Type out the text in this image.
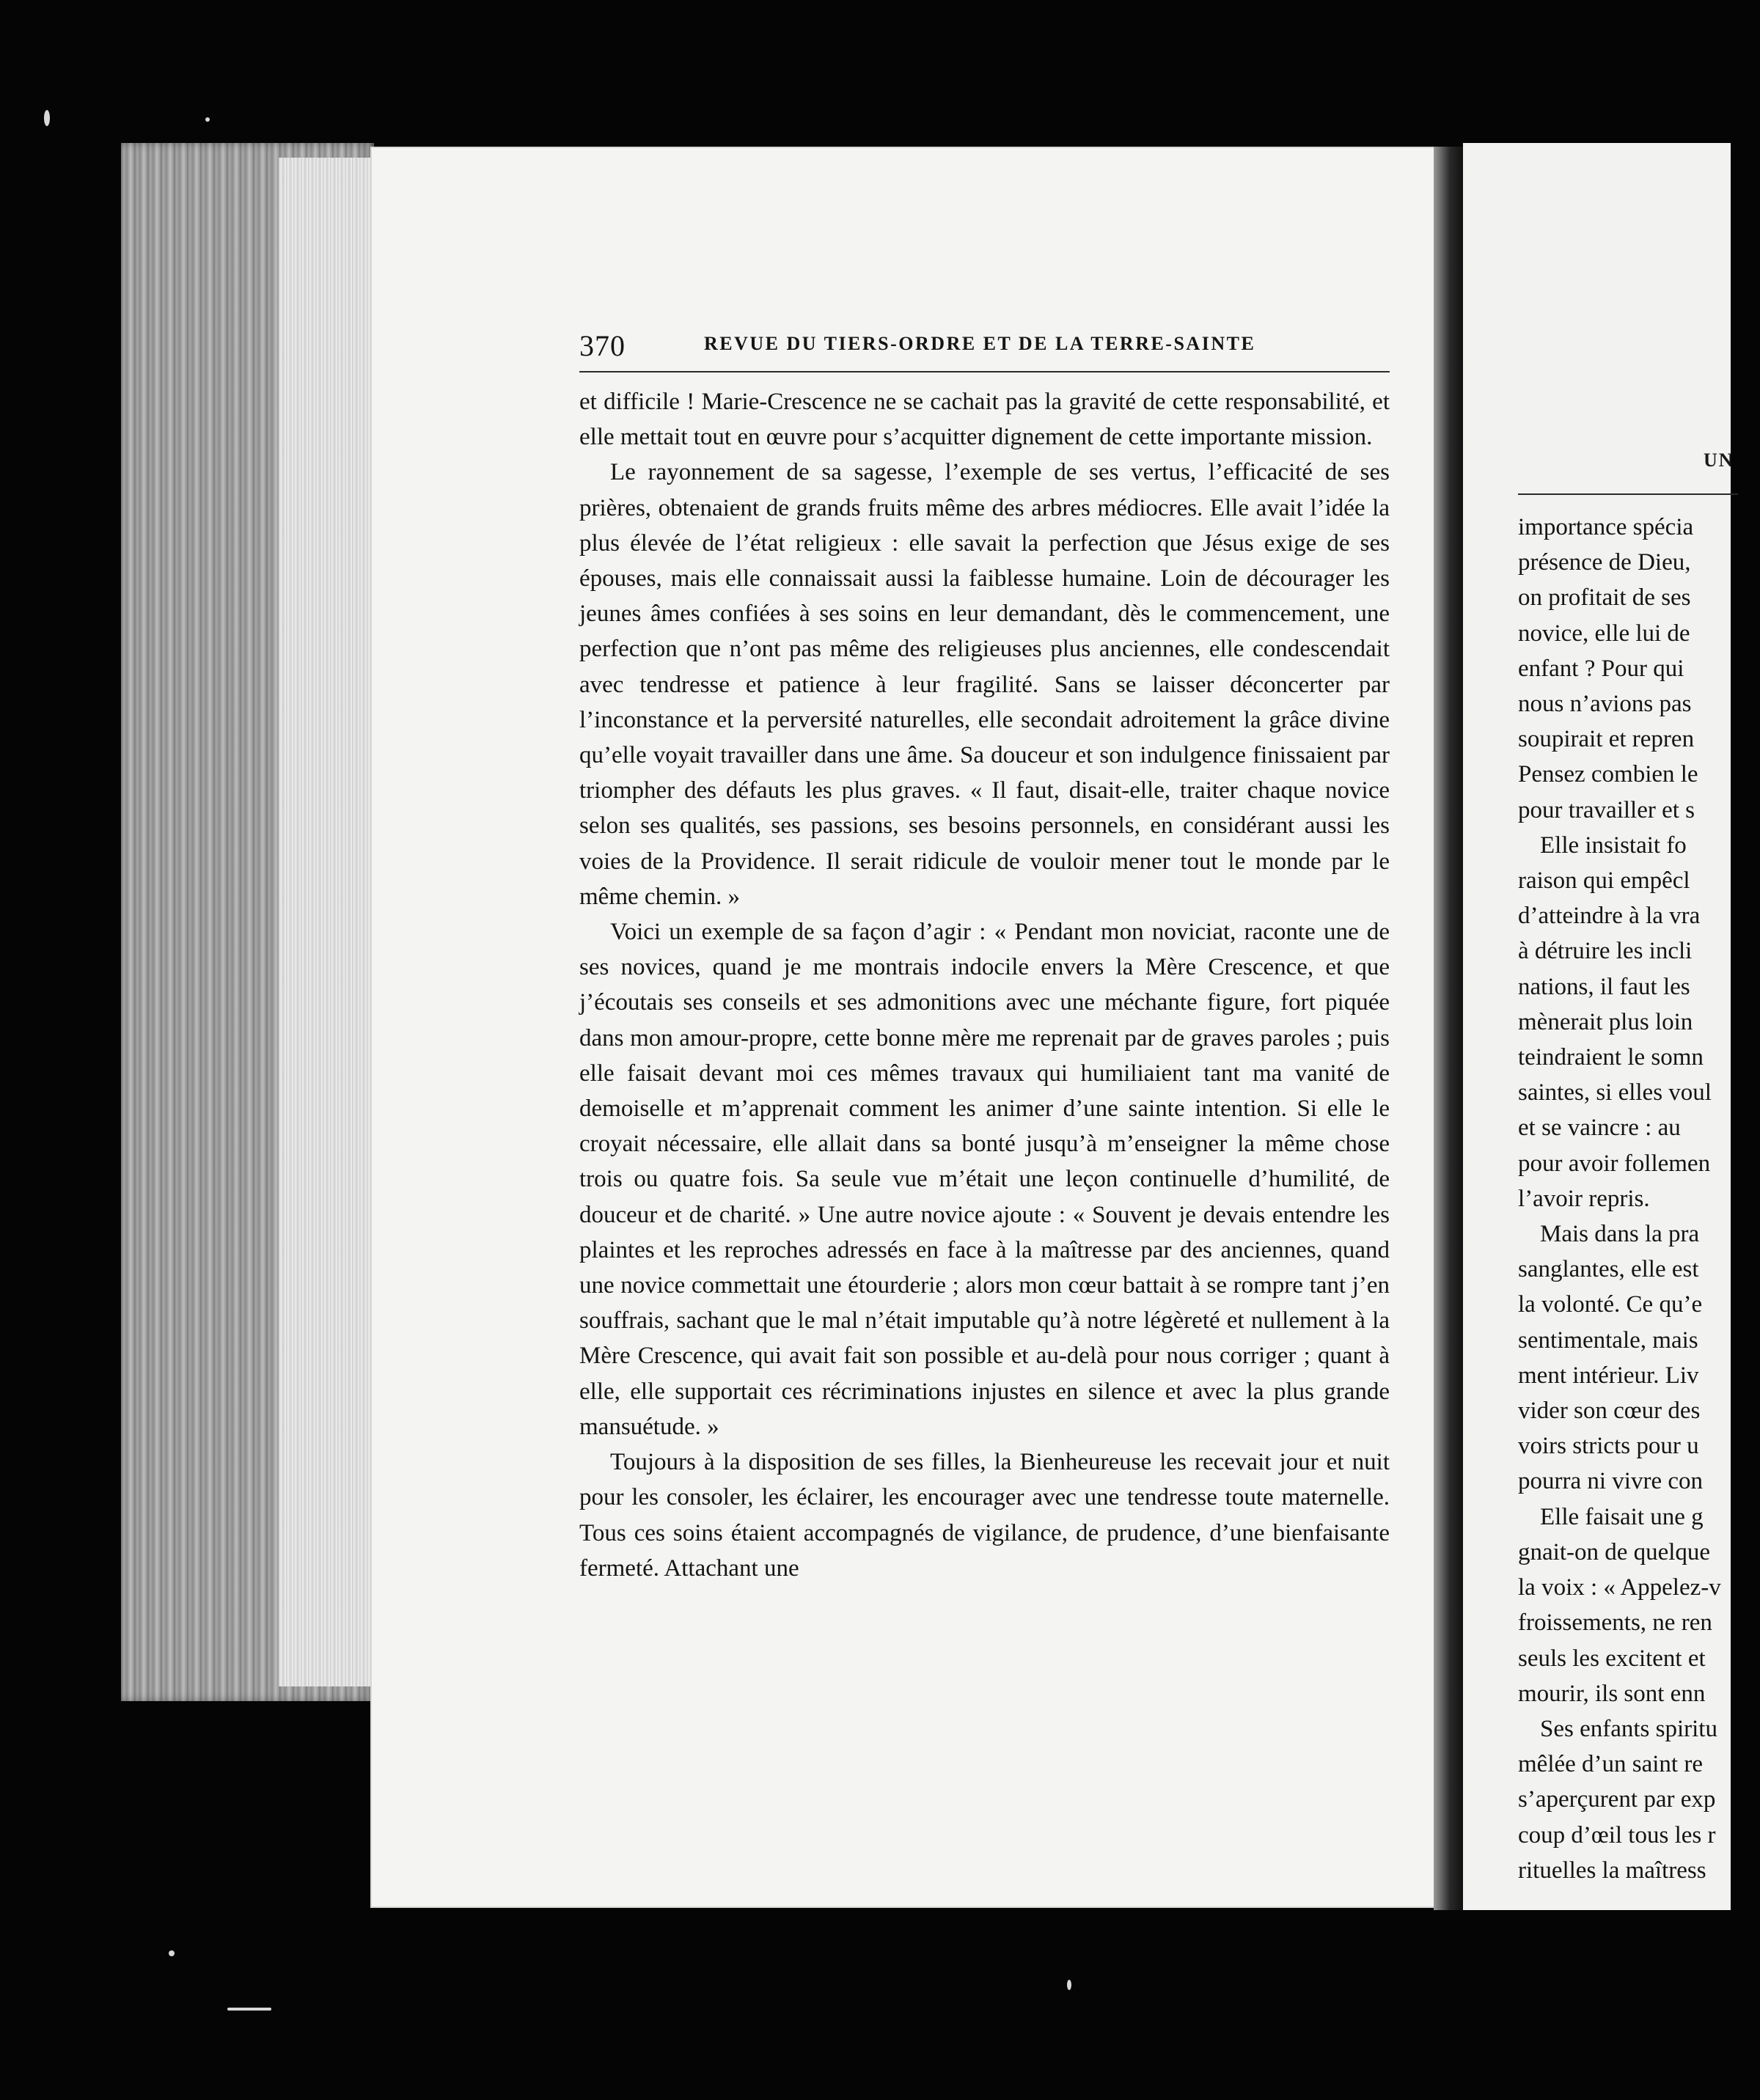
370	REVUE DU TIERS-ORDRE ET DE LA TERRE-SAINTE

et difficile ! Marie-Crescence ne se cachait pas la gravité de cette responsabilité, et elle mettait tout en œuvre pour s’acquitter dignement de cette importante mission.

Le rayonnement de sa sagesse, l’exemple de ses vertus, l’efficacité de ses prières, obtenaient de grands fruits même des arbres médiocres. Elle avait l’idée la plus élevée de l’état religieux : elle savait la perfection que Jésus exige de ses épouses, mais elle connaissait aussi la faiblesse humaine. Loin de décourager les jeunes âmes confiées à ses soins en leur demandant, dès le commencement, une perfection que n’ont pas même des religieuses plus anciennes, elle condescendait avec tendresse et patience à leur fragilité. Sans se laisser déconcerter par l’inconstance et la perversité naturelles, elle secondait adroitement la grâce divine qu’elle voyait travailler dans une âme. Sa douceur et son indulgence finissaient par triompher des défauts les plus graves. « Il faut, disait-elle, traiter chaque novice selon ses qualités, ses passions, ses besoins personnels, en considérant aussi les voies de la Providence. Il serait ridicule de vouloir mener tout le monde par le même chemin. »

Voici un exemple de sa façon d’agir : « Pendant mon noviciat, raconte une de ses novices, quand je me montrais indocile envers la Mère Crescence, et que j’écoutais ses conseils et ses admonitions avec une méchante figure, fort piquée dans mon amour-propre, cette bonne mère me reprenait par de graves paroles ; puis elle faisait devant moi ces mêmes travaux qui humiliaient tant ma vanité de demoiselle et m’apprenait comment les animer d’une sainte intention. Si elle le croyait nécessaire, elle allait dans sa bonté jusqu’à m’enseigner la même chose trois ou quatre fois. Sa seule vue m’était une leçon continuelle d’humilité, de douceur et de charité. » Une autre novice ajoute : « Souvent je devais entendre les plaintes et les reproches adressés en face à la maîtresse par des anciennes, quand une novice commettait une étourderie ; alors mon cœur battait à se rompre tant j’en souffrais, sachant que le mal n’était imputable qu’à notre légèreté et nullement à la Mère Crescence, qui avait fait son possible et au-delà pour nous corriger ; quant à elle, elle supportait ces récriminations injustes en silence et avec la plus grande mansuétude. »

Toujours à la disposition de ses filles, la Bienheureuse les recevait jour et nuit pour les consoler, les éclairer, les encourager avec une tendresse toute maternelle. Tous ces soins étaient accompagnés de vigilance, de prudence, d’une bienfaisante fermeté. Attachant une

UN
importance spécia
présence de Dieu,
on profitait de ses
novice, elle lui de
enfant ? Pour qui
nous n’avions pas
soupirait et repren
Pensez combien le
pour travailler et s
Elle insistait fo
raison qui empêcl
d’atteindre à la vra
à détruire les incli
nations, il faut les
mènerait plus loin
teindraient le somn
saintes, si elles voul
et se vaincre : au
pour avoir follemen
l’avoir repris.
Mais dans la pra
sanglantes, elle est
la volonté. Ce qu’e
sentimentale, mais
ment intérieur. Liv
vider son cœur des
voirs stricts pour u
pourra ni vivre con
Elle faisait une g
gnait-on de quelque
la voix : « Appelez-v
froissements, ne ren
seuls les excitent et
mourir, ils sont enn
Ses enfants spiritu
mêlée d’un saint re
s’aperçurent par exp
coup d’œil tous les r
rituelles la maîtress
